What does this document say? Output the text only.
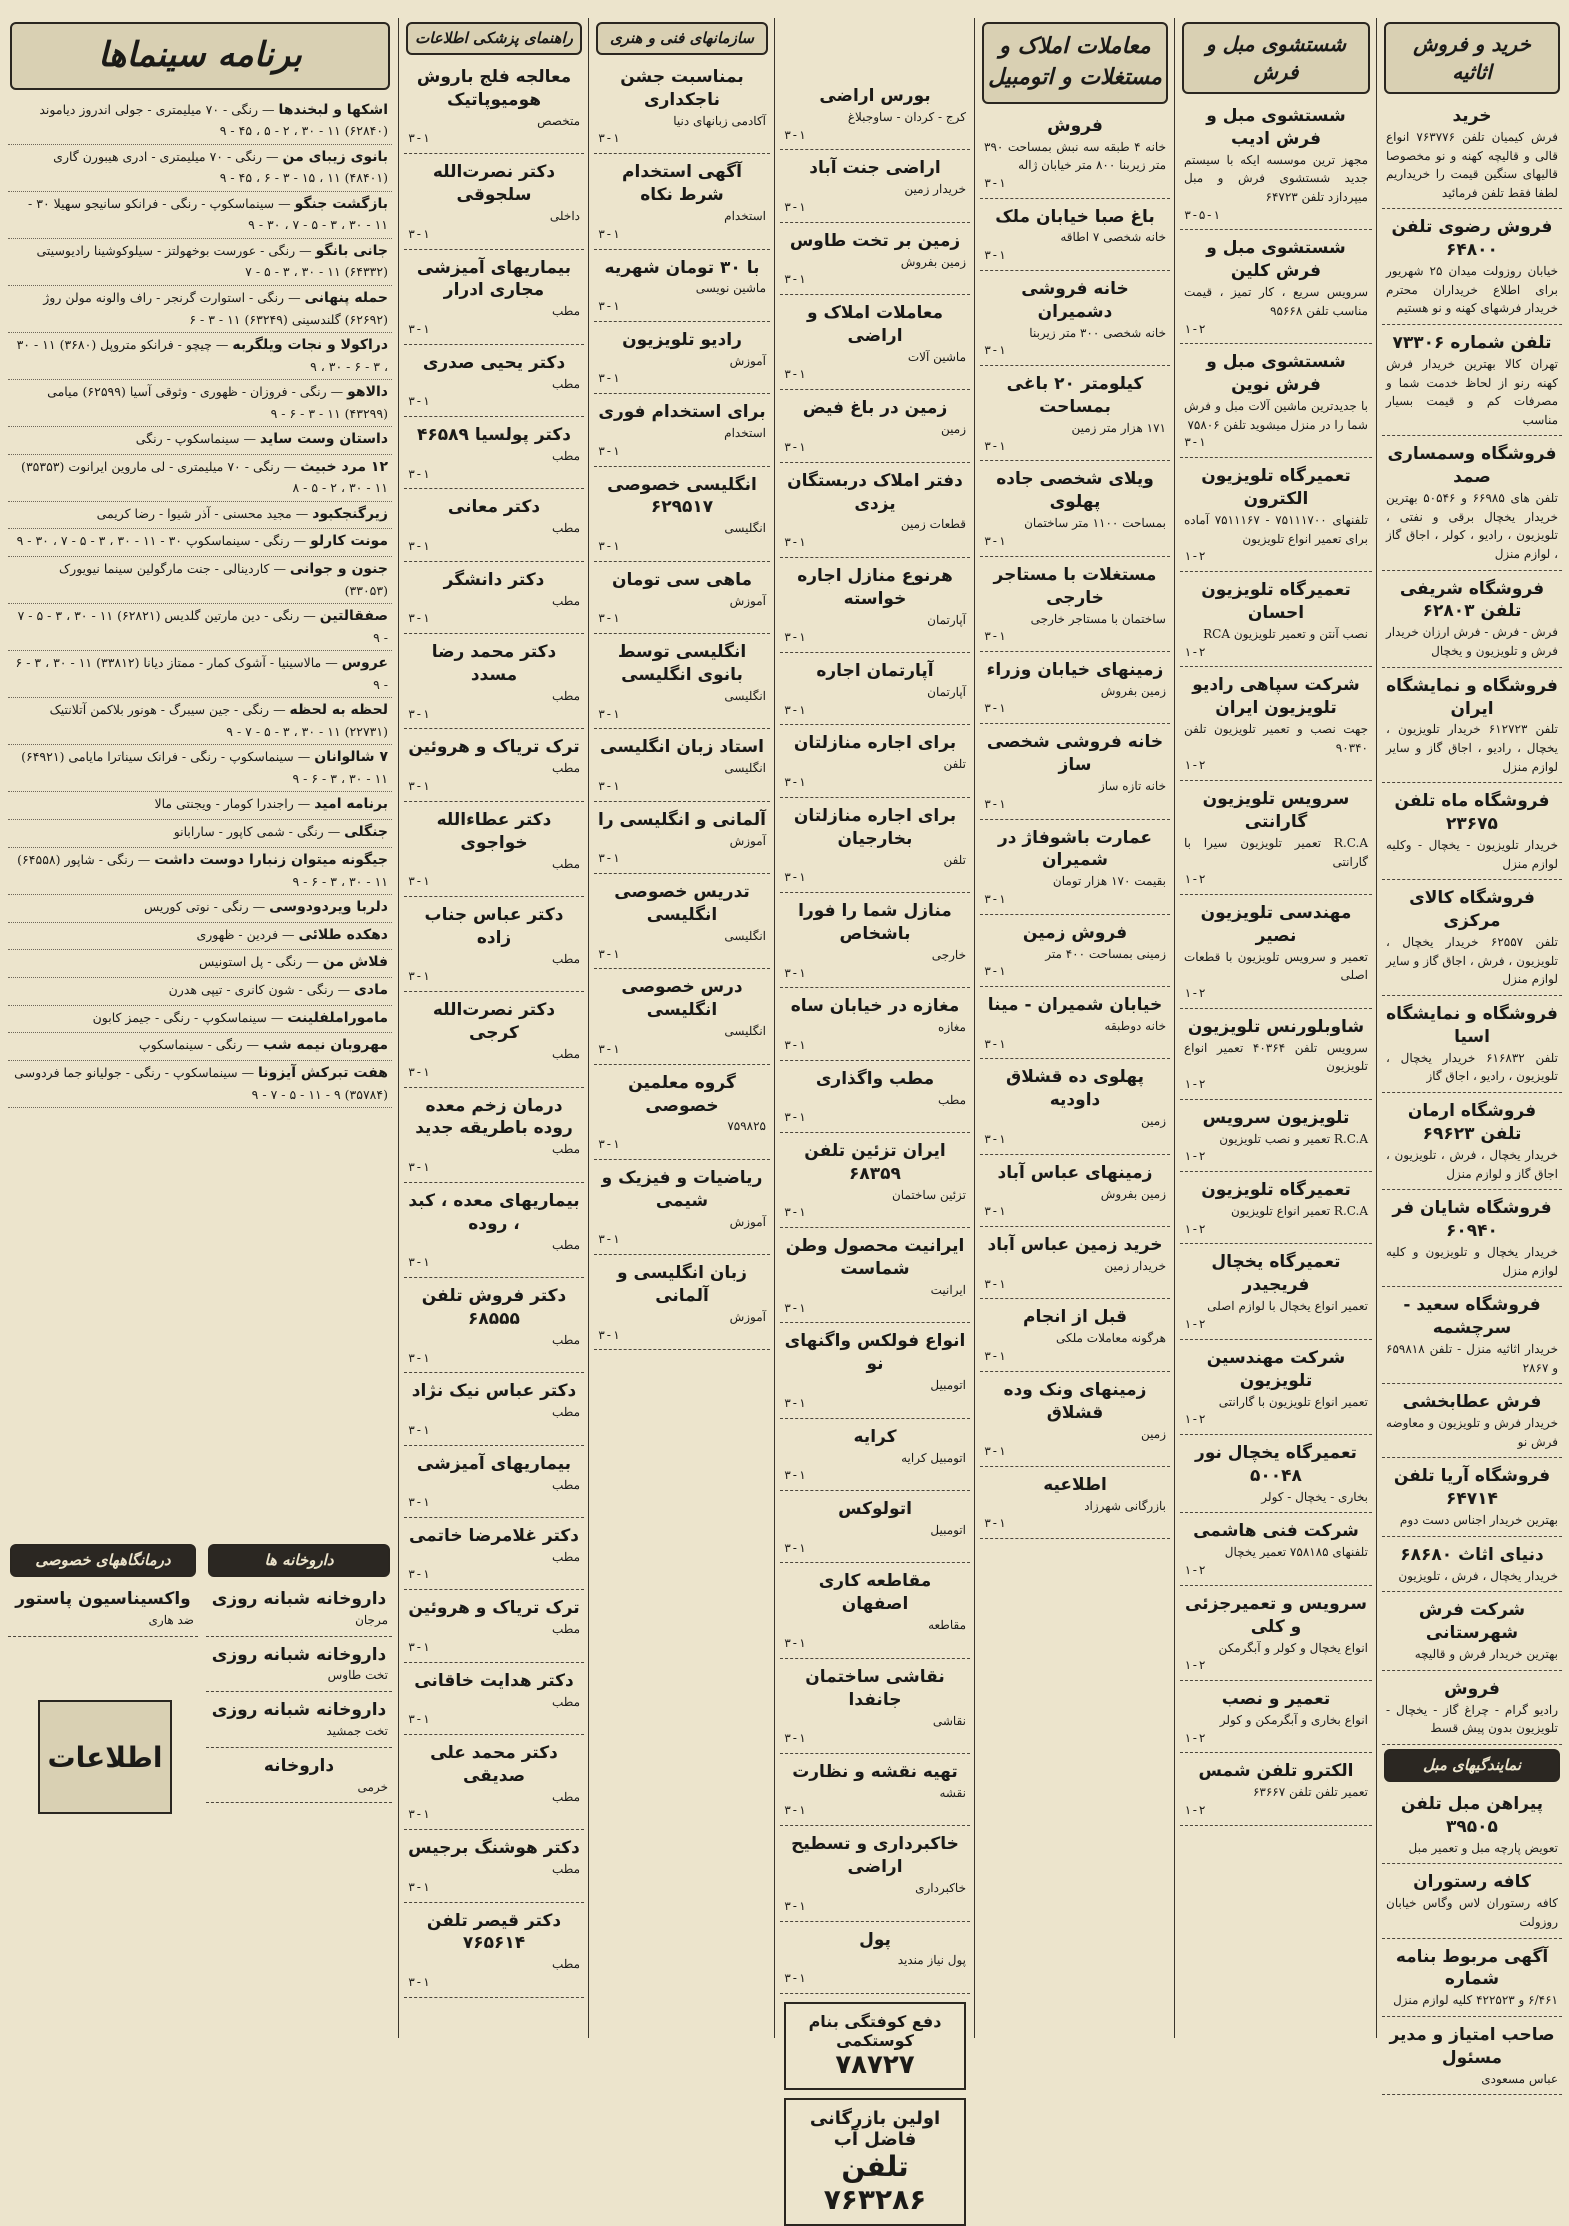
خرید و فروش اثاثیه
خرید
فرش کیمیان تلفن ۷۶۳۷۷۶ انواع قالی و قالیچه کهنه و نو مخصوصا قالیهای سنگین قیمت را خریداریم لطفا فقط تلفن فرمائید
فروش رضوی تلفن ۶۴۸۰۰
خیابان روزولت میدان ۲۵ شهریور برای اطلاع خریداران محترم خریدار فرشهای کهنه و نو هستیم
تلفن شماره ۷۳۳۰۶
تهران کالا بهترین خریدار فرش کهنه رنو از لحاظ خدمت شما و مصرفات کم و قیمت بسیار مناسب
فروشگاه وسمساری صمد
تلفن های ۶۶۹۸۵ و ۵۰۵۴۶ بهترین خریدار یخچال برقی و نفتی ، تلویزیون ، رادیو ، کولر ، اجاق گاز ، لوازم منزل
فروشگاه شریفی تلفن ۶۲۸۰۳
فرش - فرش - فرش ارزان خریدار فرش و تلویزیون و یخچال
فروشگاه و نمایشگاه ایران
تلفن ۶۱۲۷۲۳ خریدار تلویزیون ، یخچال ، رادیو ، اجاق گاز و سایر لوازم منزل
فروشگاه ماه تلفن ۲۳۶۷۵
خریدار تلویزیون - یخچال - وکلیه لوازم منزل
فروشگاه کالای مرکزی
تلفن ۶۲۵۵۷ خریدار یخچال ، تلویزیون ، فرش ، اجاق گاز و سایر لوازم منزل
فروشگاه و نمایشگاه اسیا
تلفن ۶۱۶۸۳۲ خریدار یخچال ، تلویزیون ، رادیو ، اجاق گاز
فروشگاه ارمان تلفن ۶۹۶۲۳
خریدار یخچال ، فرش ، تلویزیون ، اجاق گاز و لوازم منزل
فروشگاه شایان فر ۶۰۹۴۰
خریدار یخچال و تلویزیون و کلیه لوازم منزل
فروشگاه سعید - سرچشمه
خریدار اثاثیه منزل - تلفن ۶۵۹۸۱۸ و ۲۸۶۷
فرش عطابخشی
خریدار فرش و تلویزیون و معاوضه فرش نو
فروشگاه آریا تلفن ۶۴۷۱۴
بهترین خریدار اجناس دست دوم
دنیای اثاث ۶۸۶۸۰
خریدار یخچال ، فرش ، تلویزیون
شرکت فرش شهرستانی
بهترین خریدار فرش و قالیچه
فروش
رادیو گرام - چراغ گاز - یخچال - تلویزیون بدون پیش قسط
نمایندگیهای مبل
پیراهن مبل تلفن ۳۹۵۰۵
تعویض پارچه مبل و تعمیر مبل
کافه رستوران
کافه رستوران لاس وگاس خیابان روزولت
آگهی مربوط بنامه شماره
۶/۴۶۱ و ۴۲۲۵۲۳ کلیه لوازم منزل
صاحب امتیاز و مدیر مسئول
عباس مسعودی
شستشوی مبل و فرش
شستشوی مبل و فرش ادیب
مجهز ترین موسسه ایکه با سیستم جدید شستشوی فرش و مبل میپردازد تلفن ۶۴۷۲۳
۳-۵-۱
شستشوی مبل و فرش کلین
سرویس سریع ، کار تمیز ، قیمت مناسب تلفن ۹۵۶۶۸
۱-۲
شستشوی مبل و فرش نوین
با جدیدترین ماشین آلات مبل و فرش شما را در منزل میشوید تلفن ۷۵۸۰۶
۳-۱
تعمیرگاه تلویزیون الکترون
تلفنهای ۷۵۱۱۱۷۰۰ - ۷۵۱۱۱۶۷ آماده برای تعمیر انواع تلویزیون
۱-۲
تعمیرگاه تلویزیون احسان
نصب آنتن و تعمیر تلویزیون RCA
۱-۲
شرکت سپاهی رادیو تلویزیون ایران
جهت نصب و تعمیر تلویزیون تلفن ۹۰۳۴۰
۱-۲
سرویس تلویزیون گارانتی
R.C.A تعمیر تلویزیون سیرا با گارانتی
۱-۲
مهندسی تلویزیون نصیر
تعمیر و سرویس تلویزیون با قطعات اصلی
۱-۲
شاوبلورنس تلویزیون
سرویس تلفن ۴۰۳۶۴ تعمیر انواع تلویزیون
۱-۲
تلویزیون سرویس
R.C.A تعمیر و نصب تلویزیون
۱-۲
تعمیرگاه تلویزیون
R.C.A تعمیر انواع تلویزیون
۱-۲
تعمیرگاه یخچال فریجیدر
تعمیر انواع یخچال با لوازم اصلی
۱-۲
شرکت مهندسین تلویزیون
تعمیر انواع تلویزیون با گارانتی
۱-۲
تعمیرگاه یخچال نور ۵۰۰۴۸
بخاری - یخچال - کولر
شرکت فنی هاشمی
تلفنهای ۷۵۸۱۸۵ تعمیر یخچال
۱-۲
سرویس و تعمیرجزئی و کلی
انواع یخچال و کولر و آبگرمکن
۱-۲
تعمیر و نصب
انواع بخاری و آبگرمکن و کولر
۱-۲
الکترو تلفن شمس
تعمیر تلفن تلفن ۶۳۶۶۷
۱-۲
معاملات املاک و مستغلات و اتومبیل
فروش
خانه ۴ طبقه سه نبش بمساحت ۳۹۰ متر زیربنا ۸۰۰ متر خیابان ژاله
۳-۱
باغ صبا خیابان ملک
خانه شخصی ۷ اطاقه
۳-۱
خانه فروشی دشمیران
خانه شخصی ۳۰۰ متر زیربنا
۳-۱
کیلومتر ۲۰ باغی بمساحت
۱۷۱ هزار متر زمین
۳-۱
ویلای شخصی جاده پهلوی
بمساحت ۱۱۰۰ متر ساختمان
۳-۱
مستغلات با مستاجر خارجی
ساختمان با مستاجر خارجی
۳-۱
زمینهای خیابان وزراء
زمین بفروش
۳-۱
خانه فروشی شخصی ساز
خانه تازه ساز
۳-۱
عمارت باشوفاژ در شمیران
بقیمت ۱۷۰ هزار تومان
۳-۱
فروش زمین
زمینی بمساحت ۴۰۰ متر
۳-۱
خیابان شمیران - مینا
خانه دوطبقه
۳-۱
پهلوی ده قشلاق داودیه
زمین
۳-۱
زمینهای عباس آباد
زمین بفروش
۳-۱
خرید زمین عباس آباد
خریدار زمین
۳-۱
قبل از انجام
هرگونه معاملات ملکی
۳-۱
زمینهای ونک وده قشلاق
زمین
۳-۱
اطلاعیه
بازرگانی شهرزاد
۳-۱
بورس اراضی
کرج - کردان - ساوجبلاغ
۳-۱
اراضی جنت آباد
خریدار زمین
۳-۱
زمین بر تخت طاوس
زمین بفروش
۳-۱
معاملات املاک و اراضی
ماشین آلات
۳-۱
زمین در باغ فیض
زمین
۳-۱
دفتر املاک دربستگان یزدی
قطعات زمین
۳-۱
هرنوع منازل اجاره خواسته
آپارتمان
۳-۱
آپارتمان اجاره
آپارتمان
۳-۱
برای اجاره منازلتان
تلفن
۳-۱
برای اجاره منازلتان بخارجیان
تلفن
۳-۱
منازل شما را فورا باشخاص
خارجی
۳-۱
مغازه در خیابان ساه
مغازه
۳-۱
مطب واگذاری
مطب
۳-۱
ایران تزئین تلفن ۶۸۳۵۹
تزئین ساختمان
۳-۱
ایرانیت محصول وطن شماست
ایرانیت
۳-۱
انواع فولکس واگنهای نو
اتومبیل
۳-۱
کرایه
اتومبیل کرایه
۳-۱
اتولوکس
اتومبیل
۳-۱
مقاطعه کاری اصفهان
مقاطعه
۳-۱
نقاشی ساختمان جانفدا
نقاشی
۳-۱
تهیه نقشه و نظارت
نقشه
۳-۱
خاکبرداری و تسطیح اراضی
خاکبرداری
۳-۱
پول
پول نیاز مندید
۳-۱
دفع کوفتگی بنام کوستکمی
۷۸۷۲۷
اولین بازرگانی فاضل آب
تلفن ۷۶۳۲۸۶
سازمانهای فنی و هنری
بمناسبت جشن ناجکداری
آکادمی زبانهای دنیا
۳-۱
آگهی استخدام شرط نکاه
استخدام
۳-۱
با ۳۰ تومان شهریه
ماشین نویسی
۳-۱
رادیو تلویزیون
آموزش
۳-۱
برای استخدام فوری
استخدام
۳-۱
انگلیسی خصوصی ۶۲۹۵۱۷
انگلیسی
۳-۱
ماهی سی تومان
آموزش
۳-۱
انگلیسی توسط بانوی انگلیسی
انگلیسی
۳-۱
استاد زبان انگلیسی
انگلیسی
۳-۱
آلمانی و انگلیسی را
آموزش
۳-۱
تدریس خصوصی انگلیسی
انگلیسی
۳-۱
درس خصوصی انگلیسی
انگلیسی
۳-۱
گروه معلمین خصوصی
۷۵۹۸۲۵
۳-۱
ریاضیات و فیزیک و شیمی
آموزش
۳-۱
زبان انگلیسی و آلمانی
آموزش
۳-۱
راهنمای پزشکی اطلاعات
معالجه فلج باروش هومیوپاتیک
متخصص
۳-۱
دکتر نصرت‌الله سلجوقی
داخلی
۳-۱
بیماریهای آمیزشی مجاری ادرار
مطب
۳-۱
دکتر یحیی صدری
مطب
۳-۱
دکتر پولسیا ۴۶۵۸۹
مطب
۳-۱
دکتر معانی
مطب
۳-۱
دکتر دانشگر
مطب
۳-۱
دکتر محمد رضا مسدد
مطب
۳-۱
ترک تریاک و هروئین
مطب
۳-۱
دکتر عطاءالله خواجوی
مطب
۳-۱
دکتر عباس جناب زاده
مطب
۳-۱
دکتر نصرت‌الله کرجی
مطب
۳-۱
درمان زخم معده روده باطریقه جدید
مطب
۳-۱
بیماریهای معده ، کبد ، روده
مطب
۳-۱
دکتر فروش تلفن ۶۸۵۵۵
مطب
۳-۱
دکتر عباس نیک نژاد
مطب
۳-۱
بیماریهای آمیزشی
مطب
۳-۱
دکتر غلامرضا خاتمی
مطب
۳-۱
ترک تریاک و هروئین
مطب
۳-۱
دکتر هدایت خاقانی
مطب
۳-۱
دکتر محمد علی صدیقی
مطب
۳-۱
دکتر هوشنگ برجیس
مطب
۳-۱
دکتر قیصر تلفن ۷۶۵۶۱۴
مطب
۳-۱
برنامه سینماها
اشکها و لبخندها — رنگی - ۷۰ میلیمتری - جولی اندروز دیاموند (۶۲۸۴۰) ۱۱ - ۳۰ ، ۲ - ۵ ، ۴۵ - ۹
بانوی زیبای من — رنگی - ۷۰ میلیمتری - ادری هیبورن گاری (۴۸۴۰۱) ۱۱ ، ۱۵ - ۳ - ۶ ، ۴۵ - ۹
بازگشت جنگو — سینماسکوپ - رنگی - فرانکو سانیجو سهیلا ۳۰ - ۱۱ - ۳۰ ، ۳ - ۵ - ۷ ، ۳۰ - ۹
جانی بانگو — رنگی - عورست بوخهولتز - سیلوکوشینا رادیوسیتی (۶۴۳۳۲) ۱۱ - ۳۰ ، ۳ - ۵ - ۷
حمله پنهانی — رنگی - استوارت گرنجر - راف والونه مولن روژ (۶۲۶۹۲) گلندسینی (۶۳۲۴۹) ۱۱ - ۳ - ۶
دراکولا و نجات ویلگربه — چیچو - فرانکو متروپل (۳۶۸۰) ۱۱ - ۳۰ ، ۳ - ۶ - ۳۰ ، ۹
دالاهو — رنگی - فروزان - ظهوری - وثوقی آسیا (۶۲۵۹۹) میامی (۴۳۲۹۹) ۱۱ - ۳ - ۶ - ۹
داستان وست ساید — سینماسکوپ - رنگی
۱۲ مرد خبیث — رنگی - ۷۰ میلیمتری - لی ماروین ایرانوت (۳۵۳۵۳) ۱۱ - ۳۰ ، ۲ - ۵ - ۸
زیرگنجکبود — مجید محسنی - آذر شیوا - رضا کریمی
مونت کارلو — رنگی - سینماسکوپ ۳۰ - ۱۱ - ۳۰ ، ۳ - ۵ - ۷ ، ۳۰ - ۹
جنون و جوانی — کاردینالی - جنت مارگولین سینما نیویورک (۳۳۰۵۳)
صفقالتین — رنگی - دین مارتین گلدیس (۶۲۸۲۱) ۱۱ - ۳۰ ، ۳ - ۵ - ۷ - ۹
عروس — مالاسینیا - آشوک کمار - ممتاز دیانا (۳۳۸۱۲) ۱۱ - ۳۰ ، ۳ - ۶ - ۹
لحظه به لحظه — رنگی - جین سیبرگ - هونور بلاکمن آتلانتیک (۲۲۷۳۱) ۱۱ - ۳۰ ، ۳ - ۵ - ۷ - ۹
۷ شالوانان — سینماسکوپ - رنگی - فرانک سیناترا مایامی (۶۴۹۲۱) ۱۱ - ۳۰ ، ۳ - ۶ - ۹
برنامه امید — راجندرا کومار - ویجنتی مالا
جنگلی — رنگی - شمی کاپور - سارابانو
جیگونه میتوان زنبارا دوست داشت — رنگی - شاپور (۶۴۵۵۸) ۱۱ - ۳۰ ، ۳ - ۶ - ۹
دلربا ویردودوسی — رنگی - نوتی کوریس
دهکده طلائی — فردین - ظهوری
فلاش من — رنگی - پل استونیس
مادی — رنگی - شون کانری - تیپی هدرن
ماموراملفلینت — سینماسکوپ - رنگی - جیمز کابون
مهروبان نیمه شب — رنگی - سینماسکوپ
هفت تبرکش آیزونا — سینماسکوپ - رنگی - جولیانو جما فردوسی (۳۵۷۸۴) ۹ - ۱۱ - ۵ - ۷ - ۹
داروخانه ها
داروخانه شبانه روزی
مرجان
داروخانه شبانه روزی
تخت طاوس
داروخانه شبانه روزی
تخت جمشید
داروخانه
خرمی
درمانگاههای خصوصی
واکسیناسیون پاستور
ضد هاری
اطلاعات
